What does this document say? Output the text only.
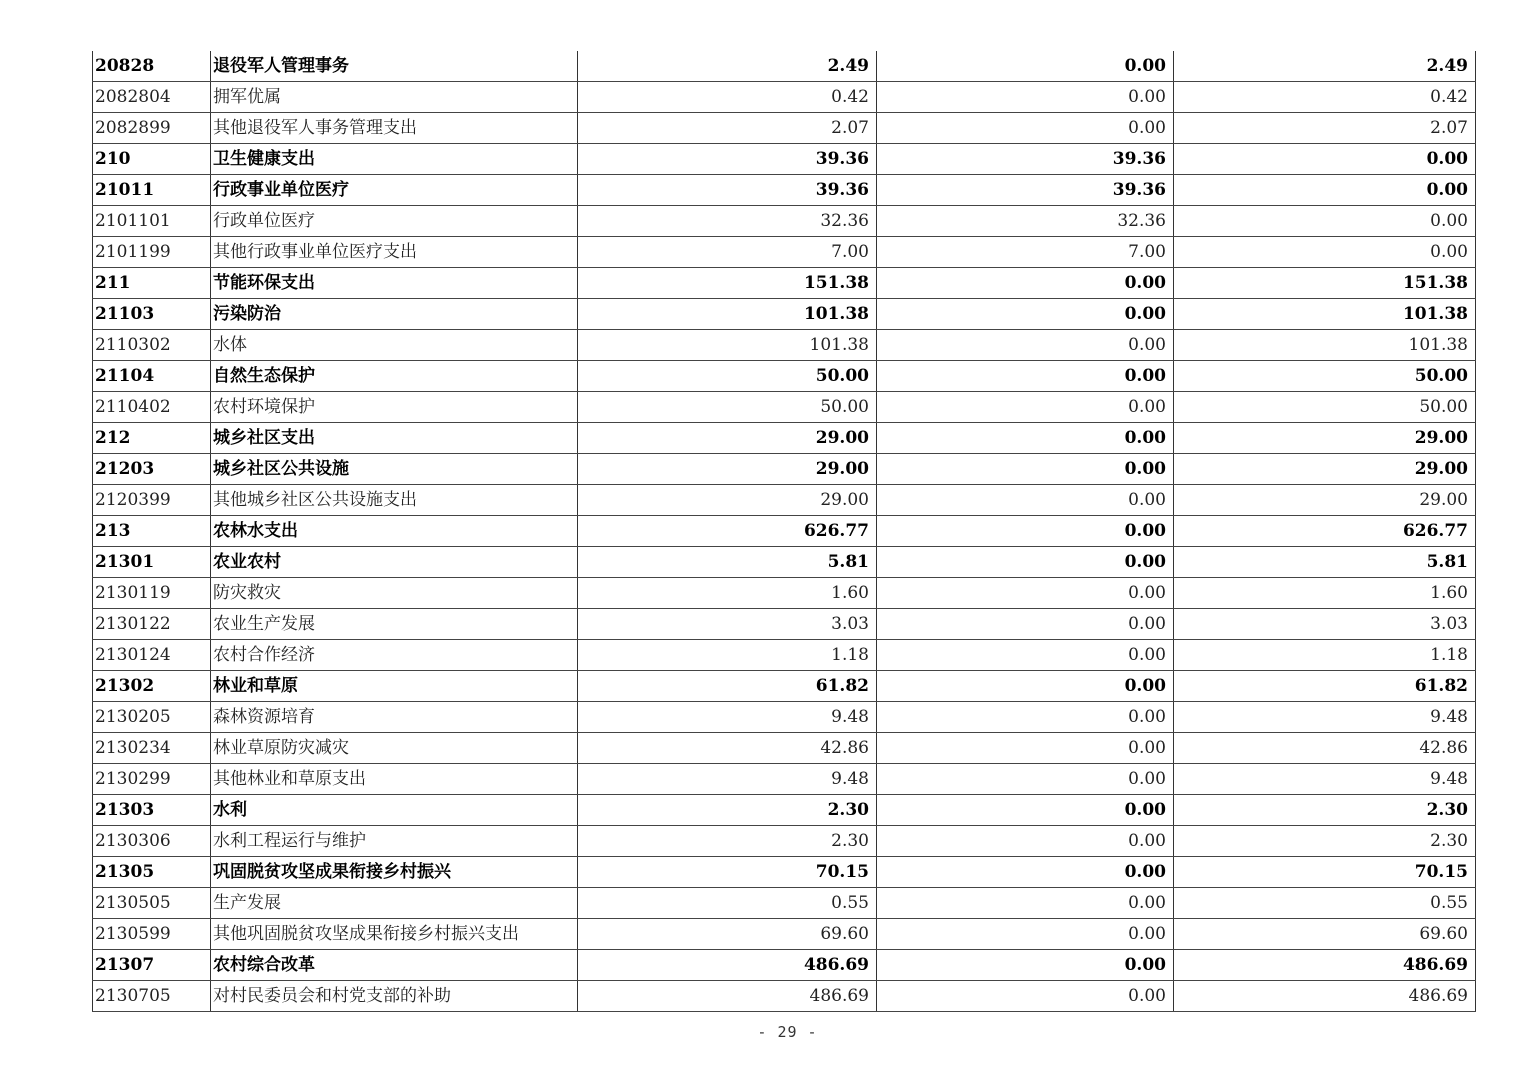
20828	退役军人管理事务	2.49	0.00	2.49
2082804	拥军优属	0.42	0.00	0.42
2082899	其他退役军人事务管理支出	2.07	0.00	2.07
210	卫生健康支出	39.36	39.36	0.00
21011	行政事业单位医疗	39.36	39.36	0.00
2101101	行政单位医疗	32.36	32.36	0.00
2101199	其他行政事业单位医疗支出	7.00	7.00	0.00
211	节能环保支出	151.38	0.00	151.38
21103	污染防治	101.38	0.00	101.38
2110302	水体	101.38	0.00	101.38
21104	自然生态保护	50.00	0.00	50.00
2110402	农村环境保护	50.00	0.00	50.00
212	城乡社区支出	29.00	0.00	29.00
21203	城乡社区公共设施	29.00	0.00	29.00
2120399	其他城乡社区公共设施支出	29.00	0.00	29.00
213	农林水支出	626.77	0.00	626.77
21301	农业农村	5.81	0.00	5.81
2130119	防灾救灾	1.60	0.00	1.60
2130122	农业生产发展	3.03	0.00	3.03
2130124	农村合作经济	1.18	0.00	1.18
21302	林业和草原	61.82	0.00	61.82
2130205	森林资源培育	9.48	0.00	9.48
2130234	林业草原防灾减灾	42.86	0.00	42.86
2130299	其他林业和草原支出	9.48	0.00	9.48
21303	水利	2.30	0.00	2.30
2130306	水利工程运行与维护	2.30	0.00	2.30
21305	巩固脱贫攻坚成果衔接乡村振兴	70.15	0.00	70.15
2130505	生产发展	0.55	0.00	0.55
2130599	其他巩固脱贫攻坚成果衔接乡村振兴支出	69.60	0.00	69.60
21307	农村综合改革	486.69	0.00	486.69
2130705	对村民委员会和村党支部的补助	486.69	0.00	486.69
- 29 -
